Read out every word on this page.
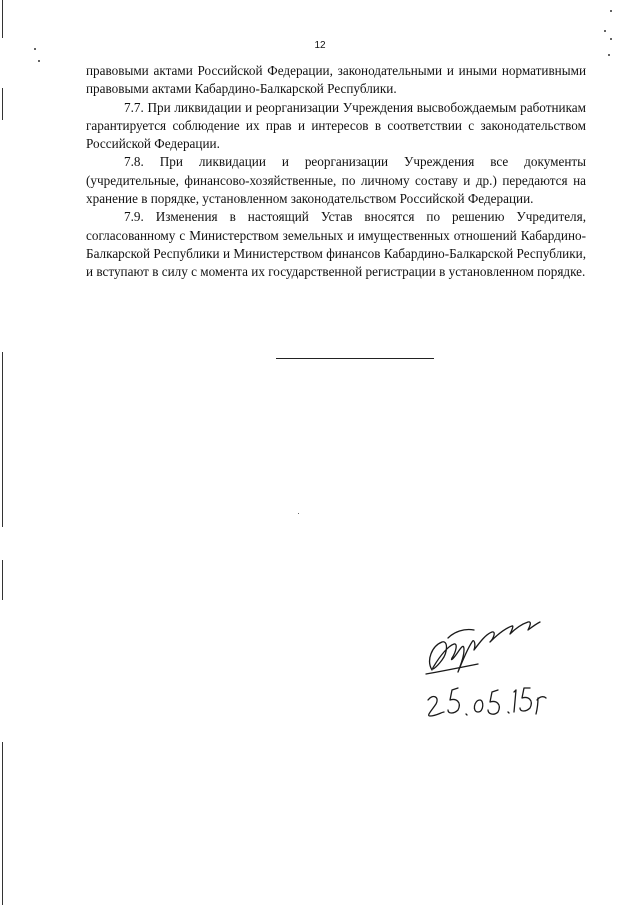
12

правовыми актами Российской Федерации, законодательными и иными нормативными правовыми актами Кабардино-Балкарской Республики.

7.7. При ликвидации и реорганизации Учреждения высвобождаемым работникам гарантируется соблюдение их прав и интересов в соответствии с законодательством Российской Федерации.

7.8. При ликвидации и реорганизации Учреждения все документы (учредительные, финансово-хозяйственные, по личному составу и др.) передаются на хранение в порядке, установленном законодательством Российской Федерации.

7.9. Изменения в настоящий Устав вносятся по решению Учредителя, согласованному с Министерством земельных и имущественных отношений Кабардино-Балкарской Республики и Министерством финансов Кабардино-Балкарской Республики, и вступают в силу с момента их государственной регистрации в установленном порядке.
